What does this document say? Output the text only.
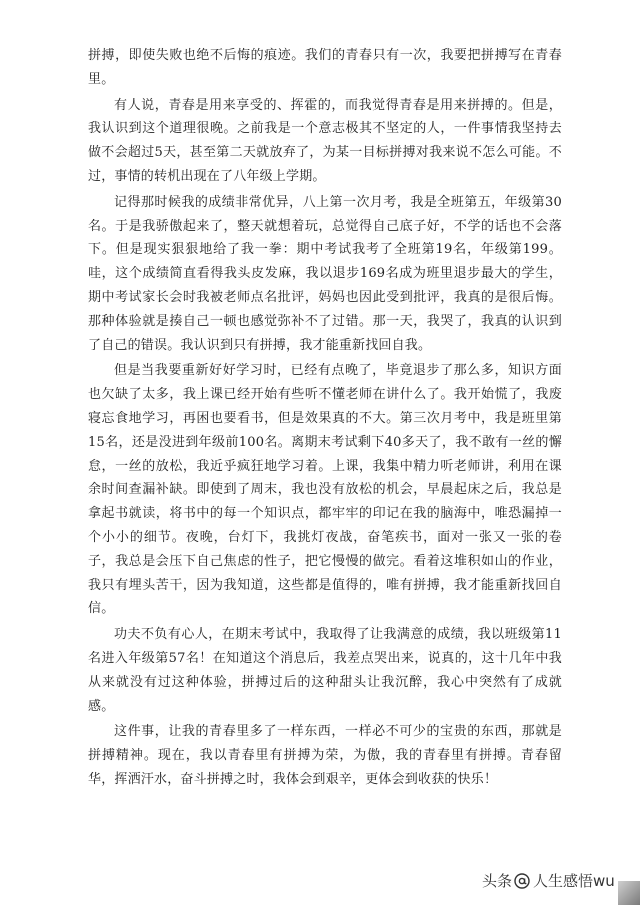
拼搏，即使失败也绝不后悔的痕迹。我们的青春只有一次，我要把拼搏写在青春里。

有人说，青春是用来享受的、挥霍的，而我觉得青春是用来拼搏的。但是，我认识到这个道理很晚。之前我是一个意志极其不坚定的人，一件事情我坚持去做不会超过5天，甚至第二天就放弃了，为某一目标拼搏对我来说不怎么可能。不过，事情的转机出现在了八年级上学期。

记得那时候我的成绩非常优异，八上第一次月考，我是全班第五，年级第30名。于是我骄傲起来了，整天就想着玩，总觉得自己底子好，不学的话也不会落下。但是现实狠狠地给了我一拳：期中考试我考了全班第19名，年级第199。哇，这个成绩简直看得我头皮发麻，我以退步169名成为班里退步最大的学生，期中考试家长会时我被老师点名批评，妈妈也因此受到批评，我真的是很后悔。那种体验就是揍自己一顿也感觉弥补不了过错。那一天，我哭了，我真的认识到了自己的错误。我认识到只有拼搏，我才能重新找回自我。

但是当我要重新好好学习时，已经有点晚了，毕竟退步了那么多，知识方面也欠缺了太多，我上课已经开始有些听不懂老师在讲什么了。我开始慌了，我废寝忘食地学习，再困也要看书，但是效果真的不大。第三次月考中，我是班里第15名，还是没进到年级前100名。离期末考试剩下40多天了，我不敢有一丝的懈怠，一丝的放松，我近乎疯狂地学习着。上课，我集中精力听老师讲，利用在课余时间查漏补缺。即使到了周末，我也没有放松的机会，早晨起床之后，我总是拿起书就读，将书中的每一个知识点，都牢牢的印记在我的脑海中，唯恐漏掉一个小小的细节。夜晚，台灯下，我挑灯夜战，奋笔疾书，面对一张又一张的卷子，我总是会压下自己焦虑的性子，把它慢慢的做完。看着这堆积如山的作业，我只有埋头苦干，因为我知道，这些都是值得的，唯有拼搏，我才能重新找回自信。

功夫不负有心人，在期末考试中，我取得了让我满意的成绩，我以班级第11名进入年级第57名！在知道这个消息后，我差点哭出来，说真的，这十几年中我从来就没有过这种体验，拼搏过后的这种甜头让我沉醉，我心中突然有了成就感。

这件事，让我的青春里多了一样东西，一样必不可少的宝贵的东西，那就是拼搏精神。现在，我以青春里有拼搏为荣，为傲，我的青春里有拼搏。青春留华，挥洒汗水，奋斗拼搏之时，我体会到艰辛，更体会到收获的快乐！

头条 人生感悟wu
